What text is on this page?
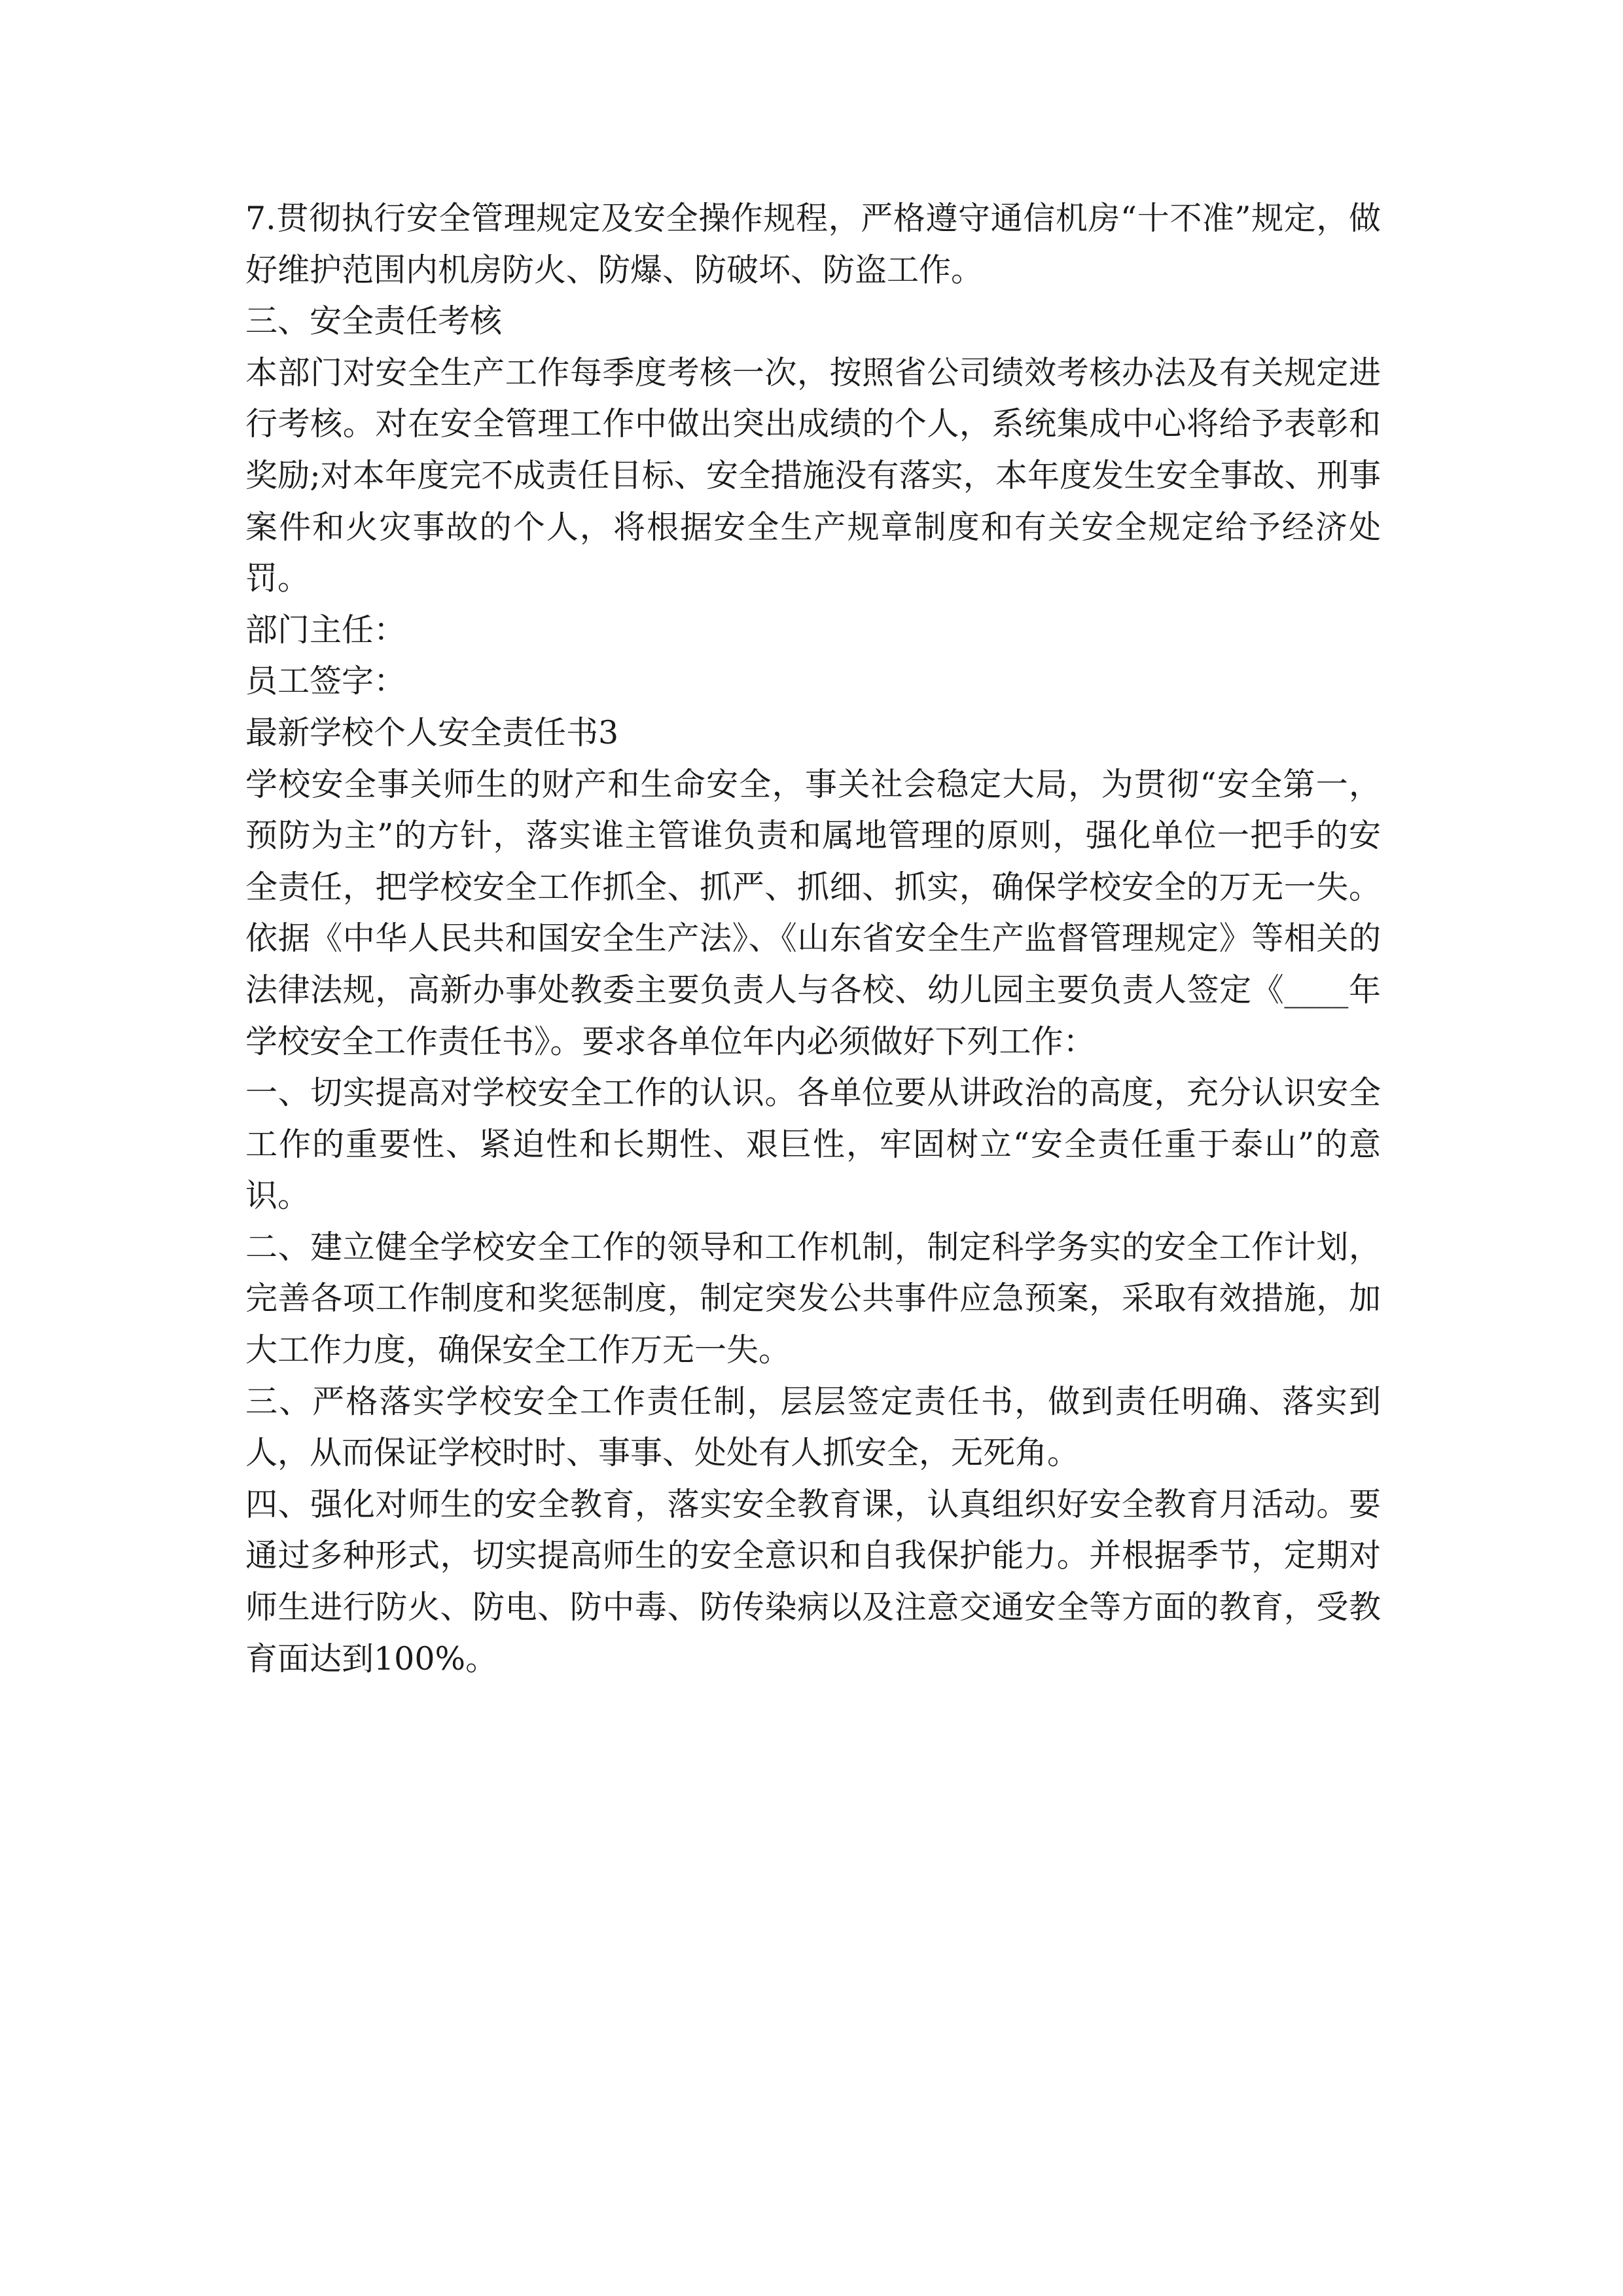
7.贯彻执行安全管理规定及安全操作规程，严格遵守通信机房“十不准”规定，做好维护范围内机房防火、防爆、防破坏、防盗工作。

三、安全责任考核

本部门对安全生产工作每季度考核一次，按照省公司绩效考核办法及有关规定进行考核。对在安全管理工作中做出突出成绩的个人，系统集成中心将给予表彰和奖励;对本年度完不成责任目标、安全措施没有落实，本年度发生安全事故、刑事案件和火灾事故的个人，将根据安全生产规章制度和有关安全规定给予经济处罚。

部门主任：

员工签字：

最新学校个人安全责任书3

学校安全事关师生的财产和生命安全，事关社会稳定大局，为贯彻“安全第一，预防为主”的方针，落实谁主管谁负责和属地管理的原则，强化单位一把手的安全责任，把学校安全工作抓全、抓严、抓细、抓实，确保学校安全的万无一失。依据《中华人民共和国安全生产法》、《山东省安全生产监督管理规定》等相关的法律法规，高新办事处教委主要负责人与各校、幼儿园主要负责人签定《____年学校安全工作责任书》。要求各单位年内必须做好下列工作：

一、切实提高对学校安全工作的认识。各单位要从讲政治的高度，充分认识安全工作的重要性、紧迫性和长期性、艰巨性，牢固树立“安全责任重于泰山”的意识。

二、建立健全学校安全工作的领导和工作机制，制定科学务实的安全工作计划，完善各项工作制度和奖惩制度，制定突发公共事件应急预案，采取有效措施，加大工作力度，确保安全工作万无一失。

三、严格落实学校安全工作责任制，层层签定责任书，做到责任明确、落实到人，从而保证学校时时、事事、处处有人抓安全，无死角。

四、强化对师生的安全教育，落实安全教育课，认真组织好安全教育月活动。要通过多种形式，切实提高师生的安全意识和自我保护能力。并根据季节，定期对师生进行防火、防电、防中毒、防传染病以及注意交通安全等方面的教育，受教育面达到100%。
